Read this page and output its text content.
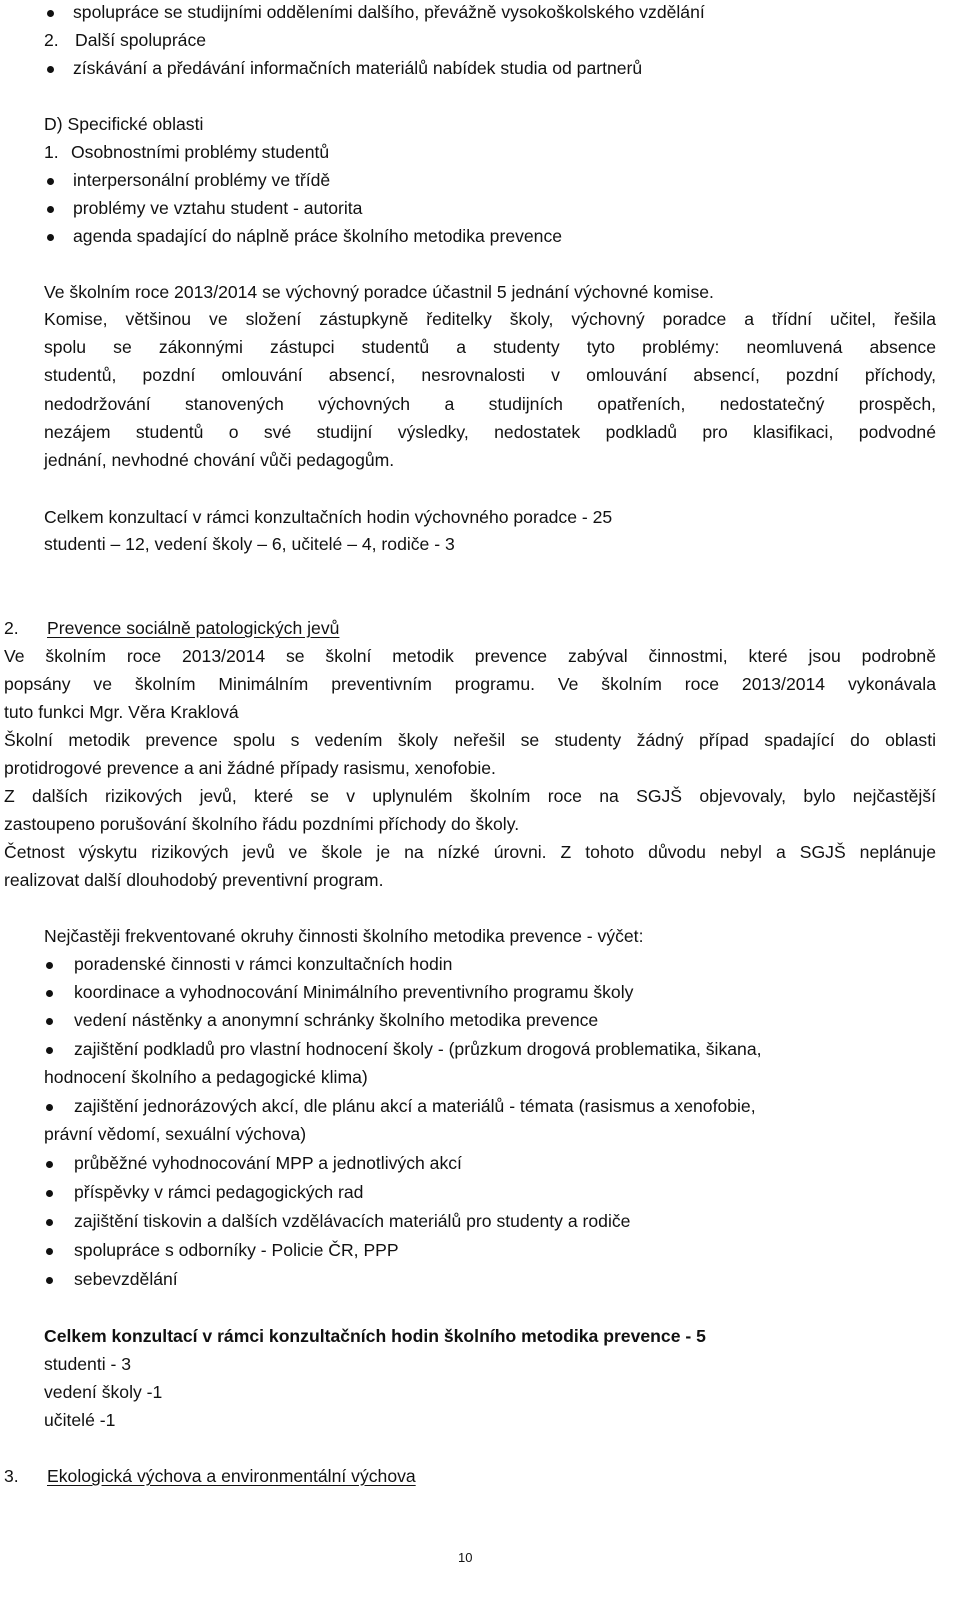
spolupráce se studijními odděleními dalšího, převážně vysokoškolského vzdělání
2. Další spolupráce
získávání a předávání informačních materiálů nabídek studia od partnerů
D) Specifické oblasti
1. Osobnostními problémy studentů
interpersonální problémy ve třídě
problémy ve vztahu student - autorita
agenda spadající do náplně práce školního metodika prevence
Ve školním roce 2013/2014 se výchovný poradce účastnil 5 jednání výchovné komise.
Komise, většinou ve složení zástupkyně ředitelky školy, výchovný poradce a třídní učitel, řešila
spolu se zákonnými zástupci studentů a studenty tyto problémy: neomluvená absence
studentů, pozdní omlouvání absencí, nesrovnalosti v omlouvání absencí, pozdní příchody,
nedodržování stanovených výchovných a studijních opatřeních, nedostatečný prospěch,
nezájem studentů o své studijní výsledky, nedostatek podkladů pro klasifikaci, podvodné
jednání, nevhodné chování vůči pedagogům.
Celkem konzultací v rámci konzultačních hodin výchovného poradce - 25
studenti – 12, vedení školy – 6, učitelé – 4, rodiče - 3
2. Prevence sociálně patologických jevů
Ve školním roce 2013/2014 se školní metodik prevence zabýval činnostmi, které jsou podrobně
popsány ve školním Minimálním preventivním programu. Ve školním roce 2013/2014 vykonávala
tuto funkci Mgr. Věra Kraklová
Školní metodik prevence spolu s vedením školy neřešil se studenty žádný případ spadající do oblasti
protidrogové prevence a ani žádné případy rasismu, xenofobie.
Z dalších rizikových jevů, které se v uplynulém školním roce na SGJŠ objevovaly, bylo nejčastější
zastoupeno porušování školního řádu pozdními příchody do školy.
Četnost výskytu rizikových jevů ve škole je na nízké úrovni. Z tohoto důvodu nebyl a SGJŠ neplánuje
realizovat další dlouhodobý preventivní program.
Nejčastěji frekventované okruhy činnosti školního metodika prevence - výčet:
poradenské činnosti v rámci konzultačních hodin
koordinace a vyhodnocování Minimálního preventivního programu školy
vedení nástěnky a anonymní schránky školního metodika prevence
zajištění podkladů pro vlastní hodnocení školy - (průzkum drogová problematika, šikana,
hodnocení školního a pedagogické klima)
zajištění jednorázových akcí, dle plánu akcí a materiálů - témata (rasismus a xenofobie,
právní vědomí, sexuální výchova)
průběžné vyhodnocování MPP a jednotlivých akcí
příspěvky v rámci pedagogických rad
zajištění tiskovin a dalších vzdělávacích materiálů pro studenty a rodiče
spolupráce s odborníky - Policie ČR, PPP
sebevzdělání
Celkem konzultací v rámci konzultačních hodin školního metodika prevence - 5
studenti - 3
vedení školy -1
učitelé -1
3. Ekologická výchova a environmentální výchova
10
